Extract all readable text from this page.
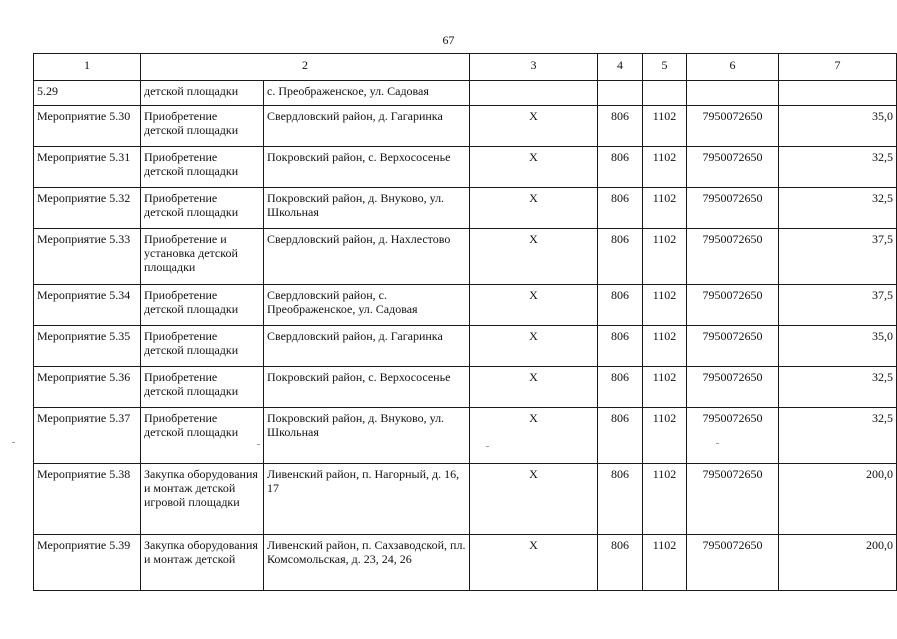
67
1	2		3	4	5	6	7
5.29	детской площадки	с. Преображенское, ул. Садовая					
Мероприятие 5.30	Приобретение детской площадки	Свердловский район, д. Гагаринка	Х	806	1102	7950072650	35,0
Мероприятие 5.31	Приобретение детской площадки	Покровский район, с. Верхососенье	Х	806	1102	7950072650	32,5
Мероприятие 5.32	Приобретение детской площадки	Покровский район, д. Внуково, ул. Школьная	Х	806	1102	7950072650	32,5
Мероприятие 5.33	Приобретение и установка детской площадки	Свердловский район, д. Нахлестово	Х	806	1102	7950072650	37,5
Мероприятие 5.34	Приобретение детской площадки	Свердловский район, с. Преображенское, ул. Садовая	Х	806	1102	7950072650	37,5
Мероприятие 5.35	Приобретение детской площадки	Свердловский район, д. Гагаринка	Х	806	1102	7950072650	35,0
Мероприятие 5.36	Приобретение детской площадки	Покровский район, с. Верхососенье	Х	806	1102	7950072650	32,5
Мероприятие 5.37	Приобретение детской площадки	Покровский район, д. Внуково, ул. Школьная	Х	806	1102	7950072650	32,5
Мероприятие 5.38	Закупка оборудования и монтаж детской игровой площадки	Ливенский район, п. Нагорный, д. 16, 17	Х	806	1102	7950072650	200,0
Мероприятие 5.39	Закупка оборудования и монтаж детской	Ливенский район, п. Сахзаводской, пл. Комсомольская, д. 23, 24, 26	Х	806	1102	7950072650	200,0
